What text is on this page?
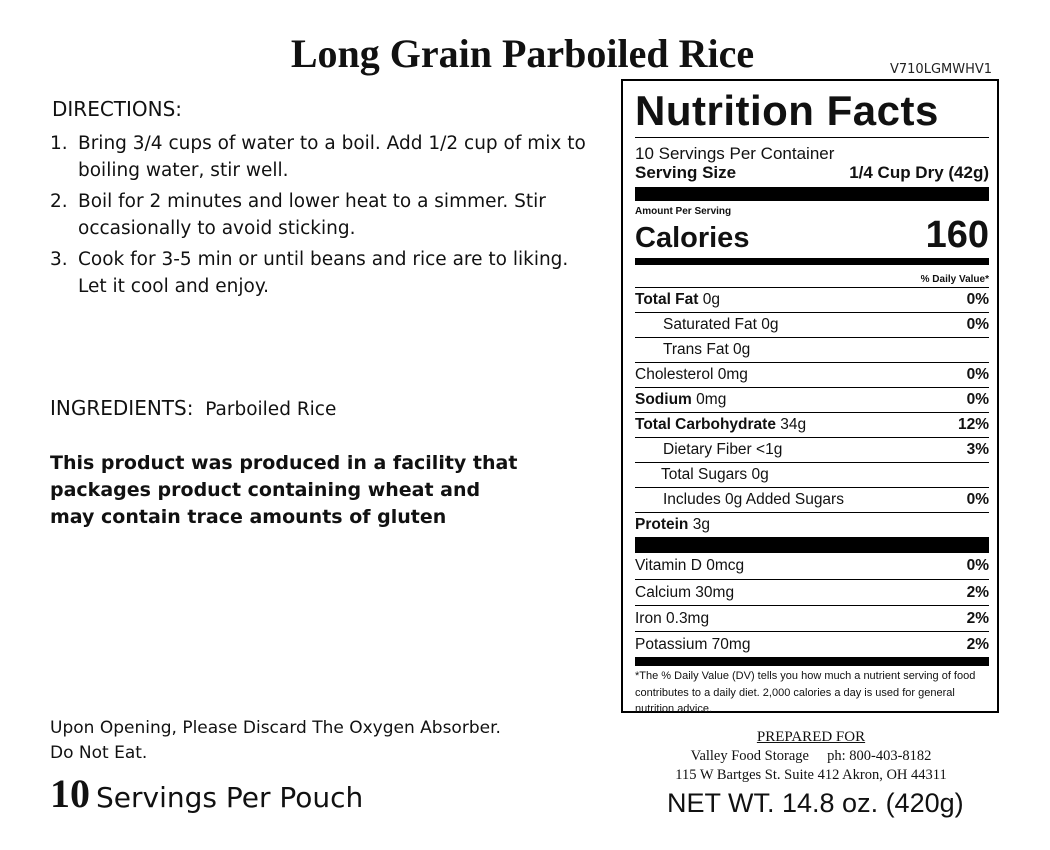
Long Grain Parboiled Rice	V710LGMWHV1
DIRECTIONS:
1. Bring 3/4 cups of water to a boil. Add 1/2 cup of mix to boiling water, stir well.
2. Boil for 2 minutes and lower heat to a simmer. Stir occasionally to avoid sticking.
3. Cook for 3-5 min or until beans and rice are to liking. Let it cool and enjoy.
INGREDIENTS: Parboiled Rice
This product was produced in a facility that packages product containing wheat and may contain trace amounts of gluten
Upon Opening, Please Discard The Oxygen Absorber.
Do Not Eat.
10 Servings Per Pouch
Nutrition Facts
10 Servings Per Container
Serving Size	1/4 Cup Dry (42g)
Amount Per Serving
Calories	160
% Daily Value*
Total Fat 0g	0%
Saturated Fat 0g	0%
Trans Fat 0g
Cholesterol 0mg	0%
Sodium 0mg	0%
Total Carbohydrate 34g	12%
Dietary Fiber <1g	3%
Total Sugars 0g
Includes 0g Added Sugars	0%
Protein 3g
Vitamin D 0mcg	0%
Calcium 30mg	2%
Iron 0.3mg	2%
Potassium 70mg	2%
*The % Daily Value (DV) tells you how much a nutrient serving of food contributes to a daily diet. 2,000 calories a day is used for general nutrition advice.
PREPARED FOR
Valley Food Storage     ph: 800-403-8182
115 W Bartges St. Suite 412 Akron, OH 44311
NET WT. 14.8 oz. (420g)
